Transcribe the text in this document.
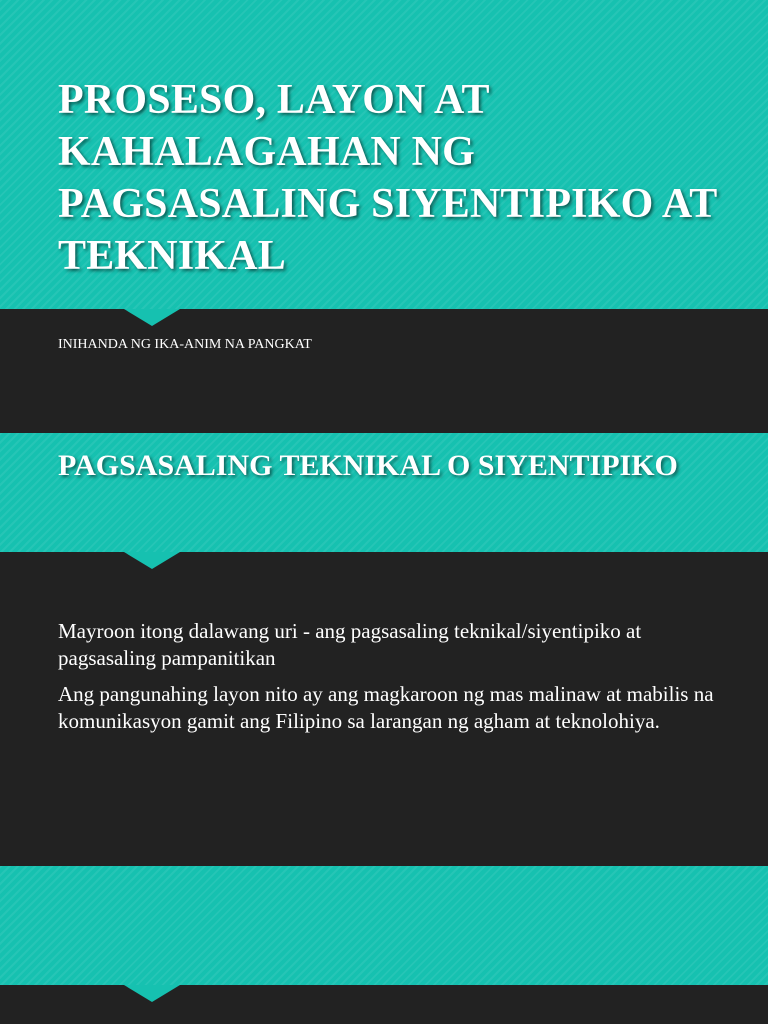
PROSESO, LAYON AT KAHALAGAHAN NG PAGSASALING SIYENTIPIKO AT TEKNIKAL
INIHANDA NG IKA-ANIM NA PANGKAT
PAGSASALING TEKNIKAL O SIYENTIPIKO

Mayroon itong dalawang uri - ang pagsasaling teknikal/siyentipiko at pagsasaling pampanitikan

Ang pangunahing layon nito ay ang magkaroon ng mas malinaw at mabilis na komunikasyon gamit ang Filipino sa larangan ng agham at teknolohiya.
